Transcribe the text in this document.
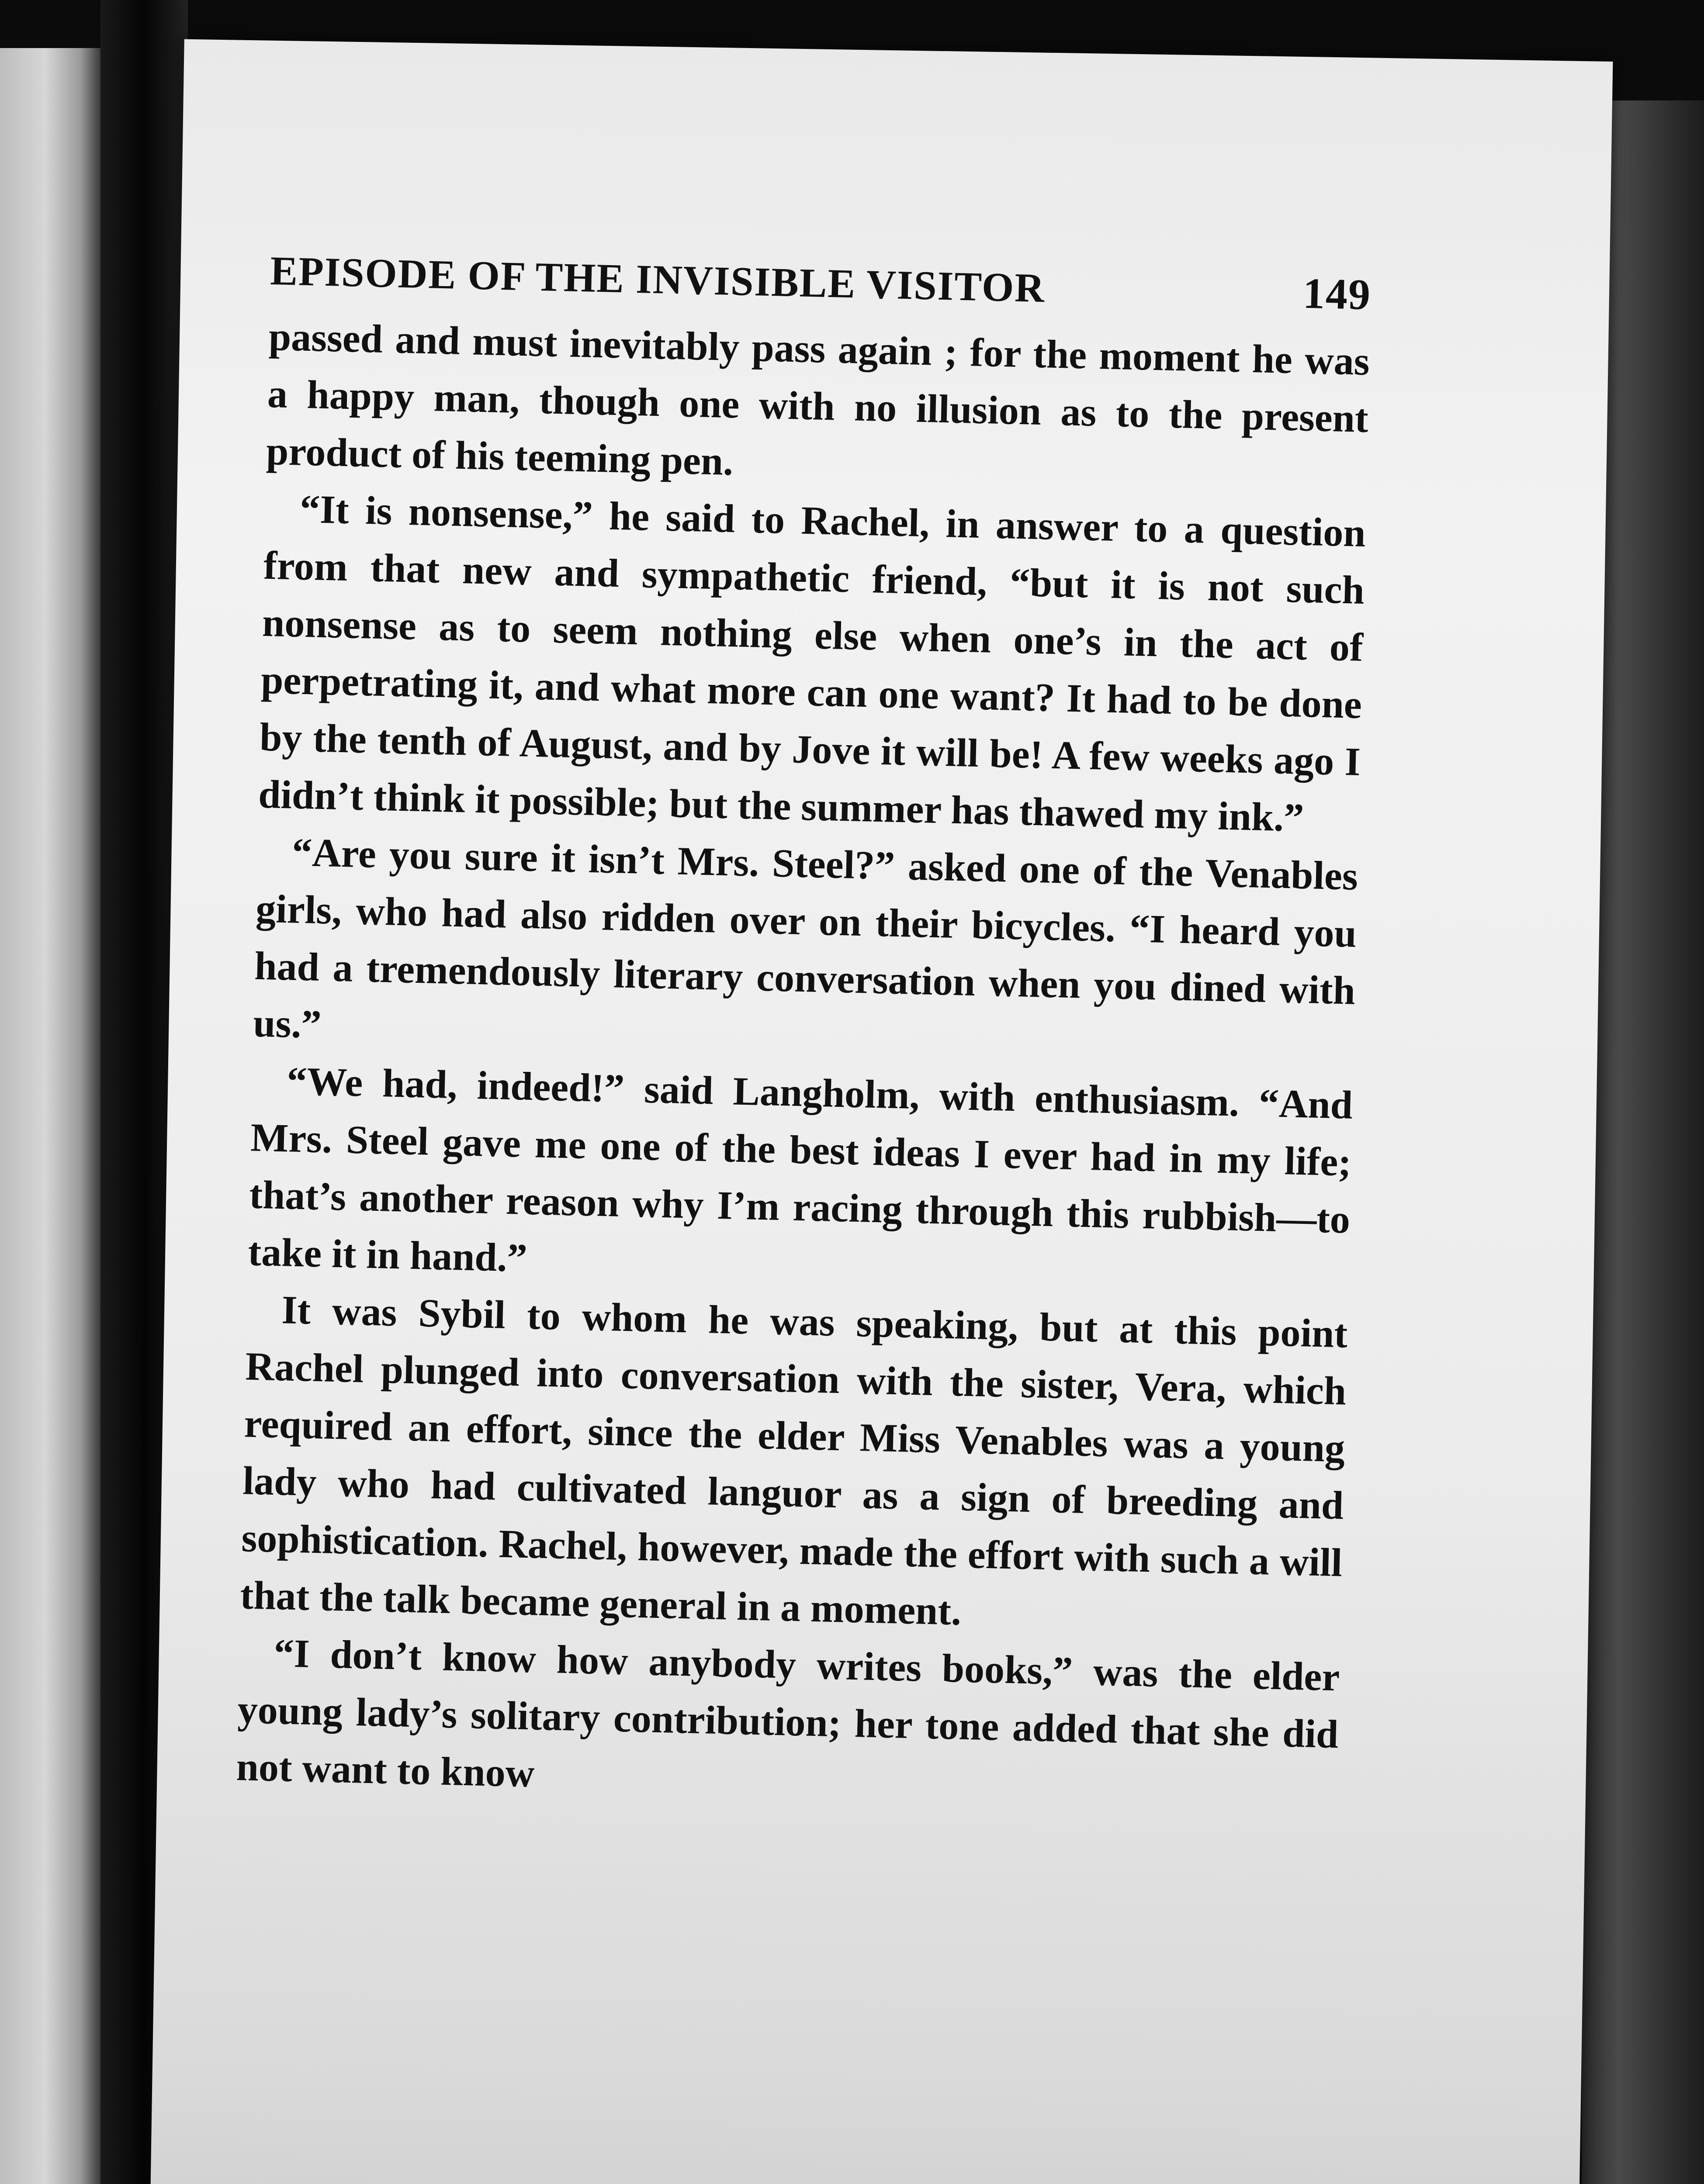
EPISODE OF THE INVISIBLE VISITOR	149

passed and must inevitably pass again ; for the moment he was a happy man, though one with no illusion as to the present product of his teeming pen.

“It is nonsense,” he said to Rachel, in answer to a question from that new and sympathetic friend, “but it is not such nonsense as to seem nothing else when one’s in the act of perpetrating it, and what more can one want? It had to be done by the tenth of August, and by Jove it will be! A few weeks ago I didn’t think it possible; but the summer has thawed my ink.”

“Are you sure it isn’t Mrs. Steel?” asked one of the Venables girls, who had also ridden over on their bicycles. “I heard you had a tremendously literary conversation when you dined with us.”

“We had, indeed!” said Langholm, with enthusiasm. “And Mrs. Steel gave me one of the best ideas I ever had in my life; that’s another reason why I’m racing through this rubbish—to take it in hand.”

It was Sybil to whom he was speaking, but at this point Rachel plunged into conversation with the sister, Vera, which required an effort, since the elder Miss Venables was a young lady who had cultivated languor as a sign of breeding and sophistication. Rachel, however, made the effort with such a will that the talk became general in a moment.

“I don’t know how anybody writes books,” was the elder young lady’s solitary contribution; her tone added that she did not want to know
